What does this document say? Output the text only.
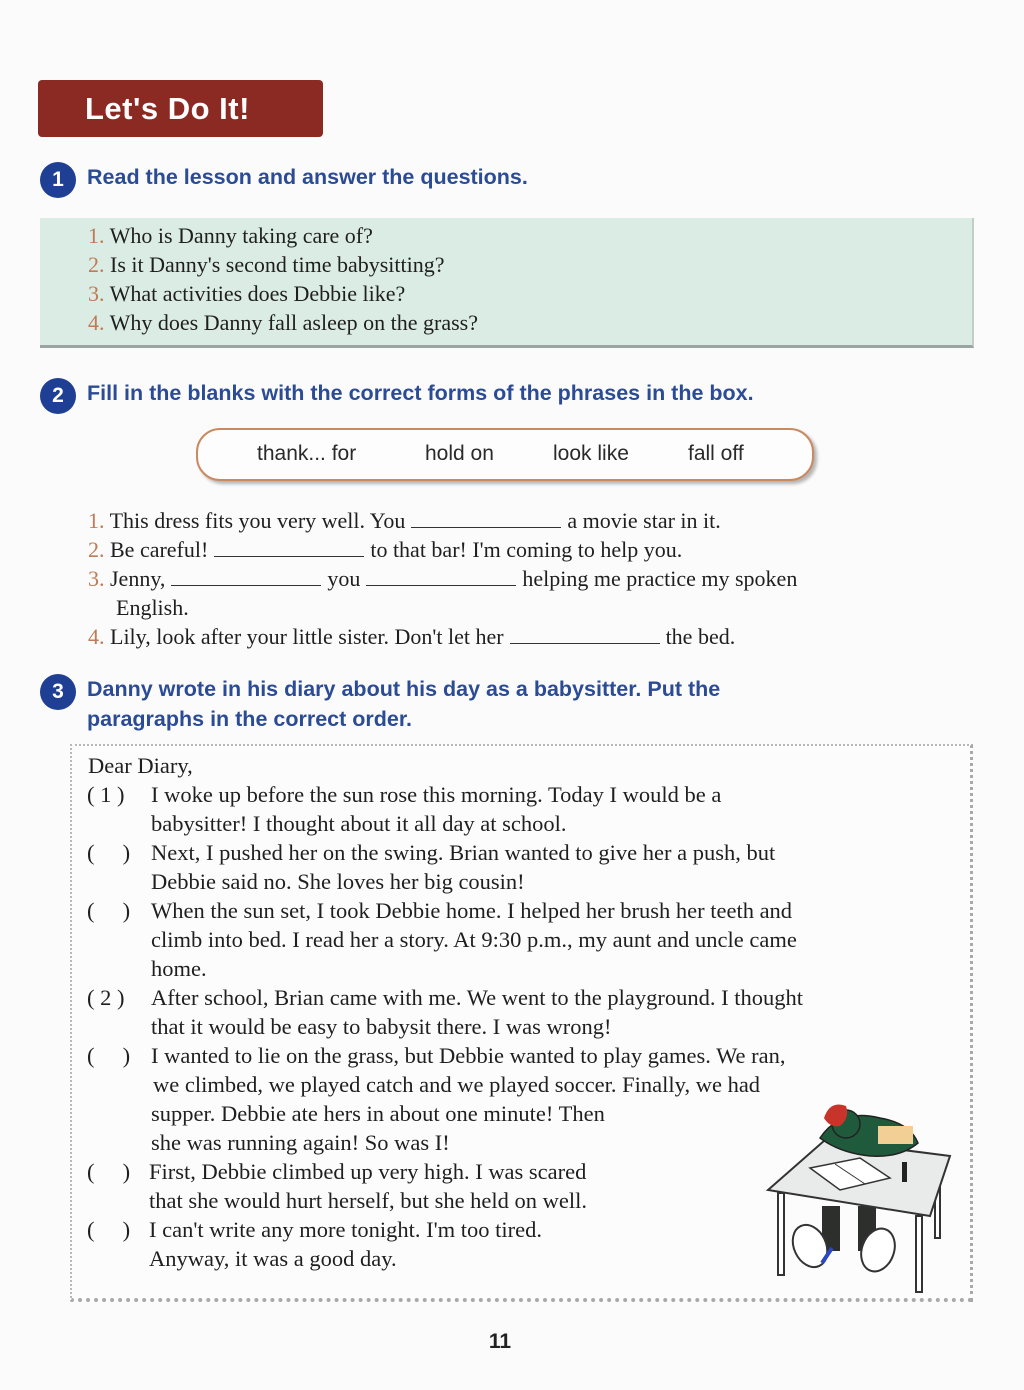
Let's Do It!
1	Read the lesson and answer the questions.
1. Who is Danny taking care of?
2. Is it Danny's second time babysitting?
3. What activities does Debbie like?
4. Why does Danny fall asleep on the grass?
2	Fill in the blanks with the correct forms of the phrases in the box.
thank... for	hold on	look like	fall off
1. This dress fits you very well. You	a movie star in it.
2. Be careful!	to that bar! I'm coming to help you.
3. Jenny,	you	helping me practice my spoken
English.
4. Lily, look after your little sister. Don't let her	the bed.
3	Danny wrote in his diary about his day as a babysitter. Put the
paragraphs in the correct order.
Dear Diary,
( 1 ) I woke up before the sun rose this morning. Today I would be a
babysitter! I thought about it all day at school.
(     ) Next, I pushed her on the swing. Brian wanted to give her a push, but
Debbie said no. She loves her big cousin!
(     ) When the sun set, I took Debbie home. I helped her brush her teeth and
climb into bed. I read her a story. At 9:30 p.m., my aunt and uncle came
home.
( 2 ) After school, Brian came with me. We went to the playground. I thought
that it would be easy to babysit there. I was wrong!
(     ) I wanted to lie on the grass, but Debbie wanted to play games. We ran,
we climbed, we played catch and we played soccer. Finally, we had
supper. Debbie ate hers in about one minute! Then
she was running again! So was I!
(     ) First, Debbie climbed up very high. I was scared
that she would hurt herself, but she held on well.
(     ) I can't write any more tonight. I'm too tired.
Anyway, it was a good day.
11
